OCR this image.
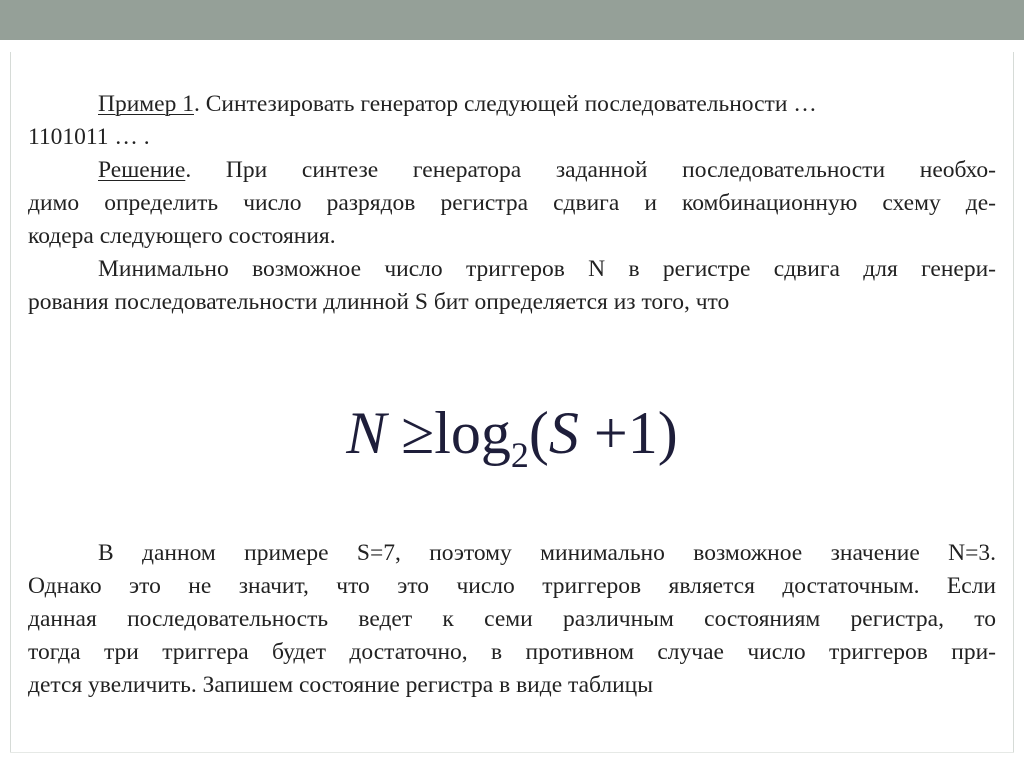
Пример 1. Синтезировать генератор следующей последовательности …
1101011 … .
Решение. При синтезе генератора заданной последовательности необхо-
димо определить число разрядов регистра сдвига и комбинационную схему де-
кодера следующего состояния.
Минимально возможное число триггеров N в регистре сдвига для генери-
рования последовательности длинной S бит определяется из того, что
$N \ge\log_2(S +1)$
В данном примере S=7, поэтому минимально возможное значение N=3.
Однако это не значит, что это число триггеров является достаточным. Если
данная последовательность ведет к семи различным состояниям регистра, то
тогда три триггера будет достаточно, в противном случае число триггеров при-
дется увеличить. Запишем состояние регистра в виде таблицы
